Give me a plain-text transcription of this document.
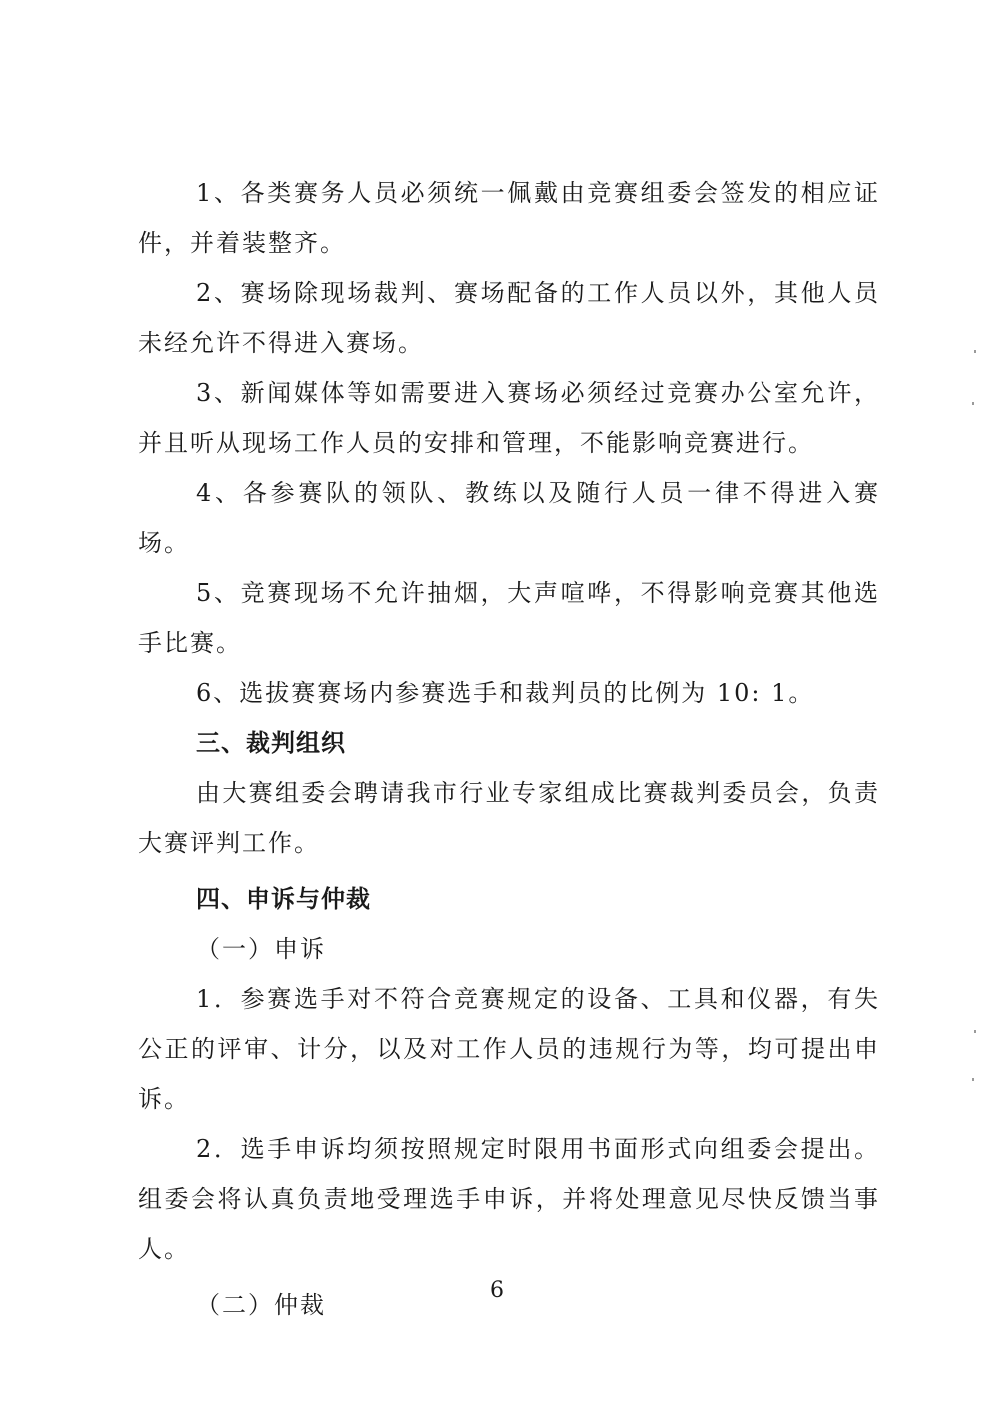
1、各类赛务人员必须统一佩戴由竞赛组委会签发的相应证件，并着装整齐。

2、赛场除现场裁判、赛场配备的工作人员以外，其他人员未经允许不得进入赛场。

3、新闻媒体等如需要进入赛场必须经过竞赛办公室允许，并且听从现场工作人员的安排和管理，不能影响竞赛进行。

4、各参赛队的领队、教练以及随行人员一律不得进入赛场。

5、竞赛现场不允许抽烟，大声喧哗，不得影响竞赛其他选手比赛。

6、选拔赛赛场内参赛选手和裁判员的比例为 10: 1。

三、裁判组织

由大赛组委会聘请我市行业专家组成比赛裁判委员会，负责大赛评判工作。

四、申诉与仲裁

（一）申诉

1．参赛选手对不符合竞赛规定的设备、工具和仪器，有失公正的评审、计分，以及对工作人员的违规行为等，均可提出申诉。

2．选手申诉均须按照规定时限用书面形式向组委会提出。组委会将认真负责地受理选手申诉，并将处理意见尽快反馈当事人。

（二）仲裁

6
